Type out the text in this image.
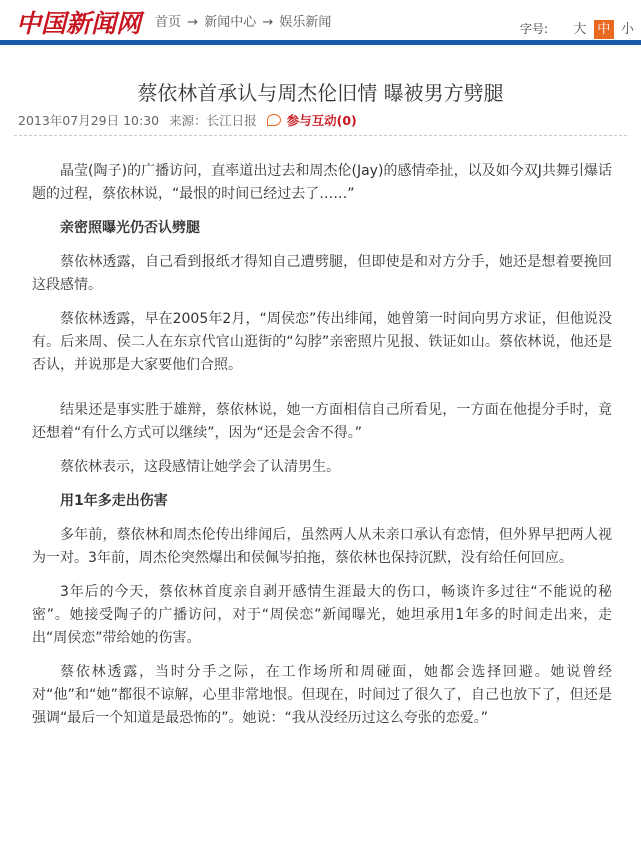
中国新闻网 首页 → 新闻中心 → 娱乐新闻	字号: 大 中 小
蔡依林首承认与周杰伦旧情 曝被男方劈腿
2013年07月29日 10:30 来源：长江日报 参与互动(0)

晶莹(陶子)的广播访问，直率道出过去和周杰伦(Jay)的感情牵扯，以及如今双J共舞引爆话题的过程，蔡依林说，“最恨的时间已经过去了……”

亲密照曝光仍否认劈腿

蔡依林透露，自己看到报纸才得知自己遭劈腿，但即使是和对方分手，她还是想着要挽回这段感情。

蔡依林透露，早在2005年2月，“周侯恋”传出绯闻，她曾第一时间向男方求证，但他说没有。后来周、侯二人在东京代官山逛街的“勾脖”亲密照片见报、铁证如山。蔡依林说，他还是否认，并说那是大家要他们合照。

结果还是事实胜于雄辩，蔡依林说，她一方面相信自己所看见，一方面在他提分手时，竟还想着“有什么方式可以继续”，因为“还是会舍不得。”

蔡依林表示，这段感情让她学会了认清男生。

用1年多走出伤害

多年前，蔡依林和周杰伦传出绯闻后，虽然两人从未亲口承认有恋情，但外界早把两人视为一对。3年前，周杰伦突然爆出和侯佩岑拍拖，蔡依林也保持沉默，没有给任何回应。

3年后的今天，蔡依林首度亲自剥开感情生涯最大的伤口，畅谈许多过往“不能说的秘密”。她接受陶子的广播访问，对于“周侯恋”新闻曝光，她坦承用1年多的时间走出来，走出“周侯恋”带给她的伤害。

蔡依林透露，当时分手之际，在工作场所和周碰面，她都会选择回避。她说曾经对“他”和“她”都很不谅解，心里非常地恨。但现在，时间过了很久了，自己也放下了，但还是强调“最后一个知道是最恐怖的”。她说：“我从没经历过这么夸张的恋爱。”
